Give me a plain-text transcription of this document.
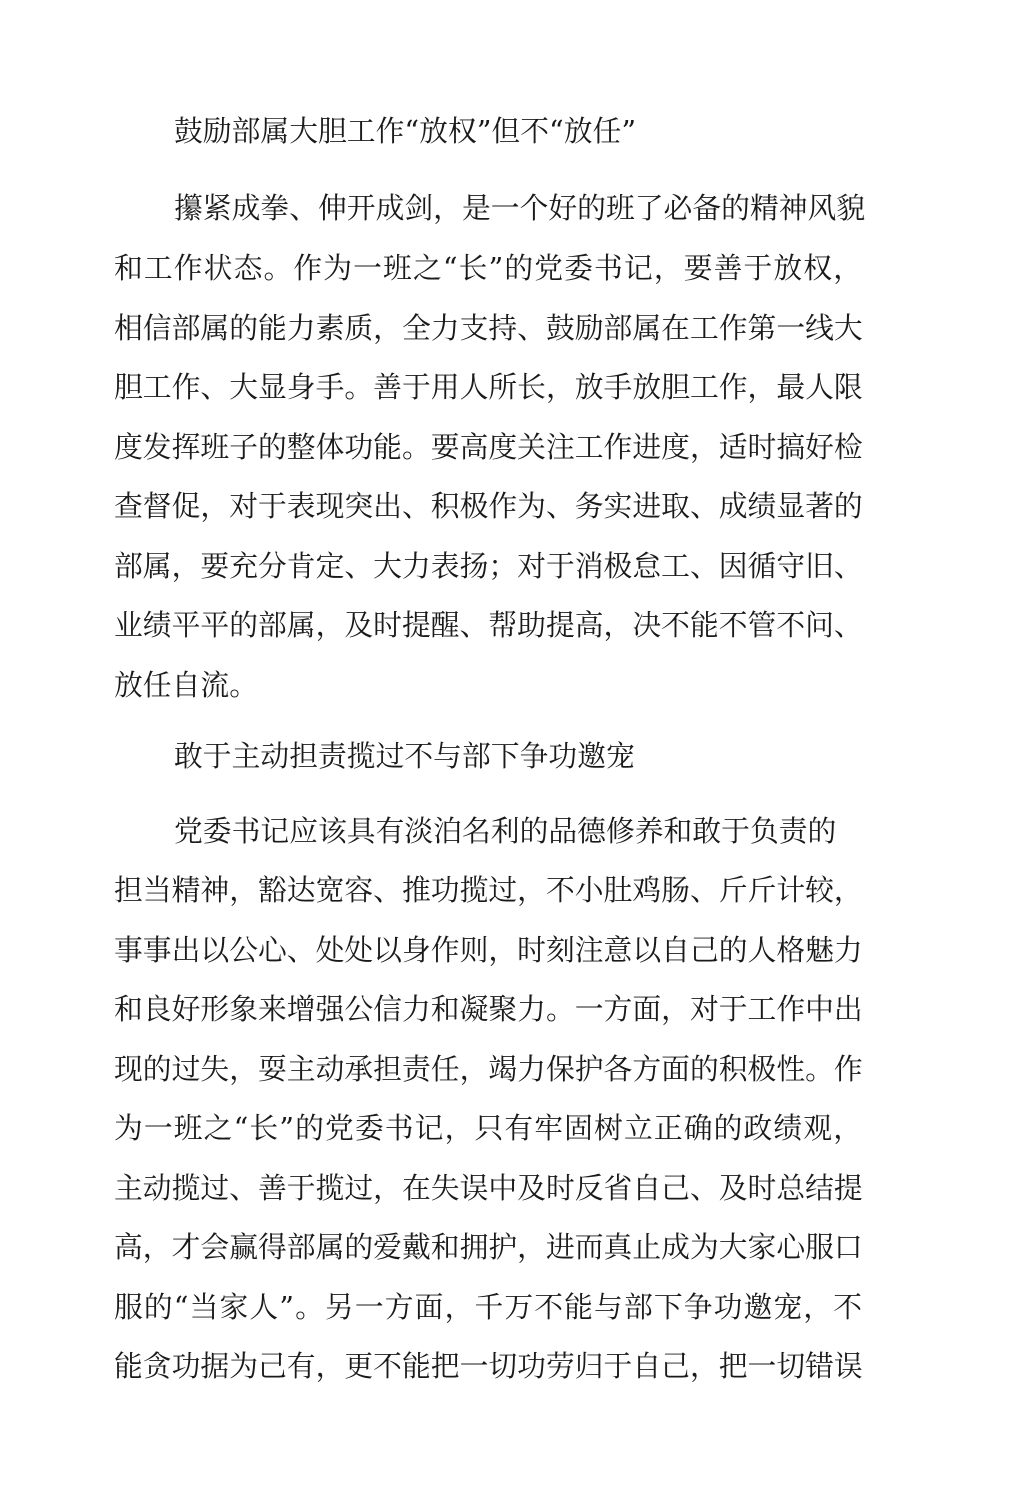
鼓励部属大胆工作“放权”但不“放任”
攥紧成拳、伸开成剑，是一个好的班了必备的精神风貌
和工作状态。作为一班之“长”的党委书记，要善于放权，
相信部属的能力素质，全力支持、鼓励部属在工作第一线大
胆工作、大显身手。善于用人所长，放手放胆工作，最人限
度发挥班子的整体功能。要高度关注工作进度，适时搞好检
查督促，对于表现突出、积极作为、务实进取、成绩显著的
部属，要充分肯定、大力表扬；对于消极怠工、因循守旧、
业绩平平的部属，及时提醒、帮助提高，决不能不管不问、
放任自流。
敢于主动担责揽过不与部下争功邀宠
党委书记应该具有淡泊名利的品德修养和敢于负责的
担当精神，豁达宽容、推功揽过，不小肚鸡肠、斤斤计较，
事事出以公心、处处以身作则，时刻注意以自己的人格魅力
和良好形象来增强公信力和凝聚力。一方面，对于工作中出
现的过失，耍主动承担责任，竭力保护各方面的积极性。作
为一班之“长”的党委书记，只有牢固树立正确的政绩观，
主动揽过、善于揽过，在失误中及时反省自己、及时总结提
高，才会赢得部属的爱戴和拥护，进而真止成为大家心服口
服的“当家人”。另一方面，千万不能与部下争功邀宠，不
能贪功据为己有，更不能把一切功劳归于自己，把一切错误
